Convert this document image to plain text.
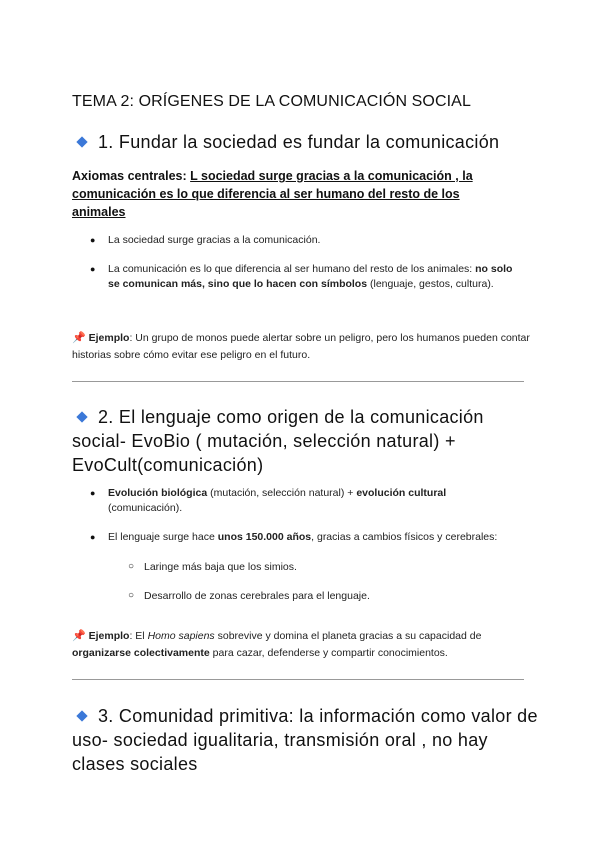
TEMA 2: ORÍGENES DE LA COMUNICACIÓN SOCIAL
1. Fundar la sociedad es fundar la comunicación
Axiomas centrales: L sociedad surge gracias a la comunicación , la comunicación es lo que diferencia al ser humano del resto de los animales
● La sociedad surge gracias a la comunicación.
● La comunicación es lo que diferencia al ser humano del resto de los animales: no solo se comunican más, sino que lo hacen con símbolos (lenguaje, gestos, cultura).
📌 Ejemplo: Un grupo de monos puede alertar sobre un peligro, pero los humanos pueden contar historias sobre cómo evitar ese peligro en el futuro.
2. El lenguaje como origen de la comunicación social- EvoBio ( mutación, selección natural) + EvoCult(comunicación)
● Evolución biológica (mutación, selección natural) + evolución cultural (comunicación).
● El lenguaje surge hace unos 150.000 años, gracias a cambios físicos y cerebrales:
○ Laringe más baja que los simios.
○ Desarrollo de zonas cerebrales para el lenguaje.
📌 Ejemplo: El Homo sapiens sobrevive y domina el planeta gracias a su capacidad de organizarse colectivamente para cazar, defenderse y compartir conocimientos.
3. Comunidad primitiva: la información como valor de uso- sociedad igualitaria, transmisión oral , no hay clases sociales
